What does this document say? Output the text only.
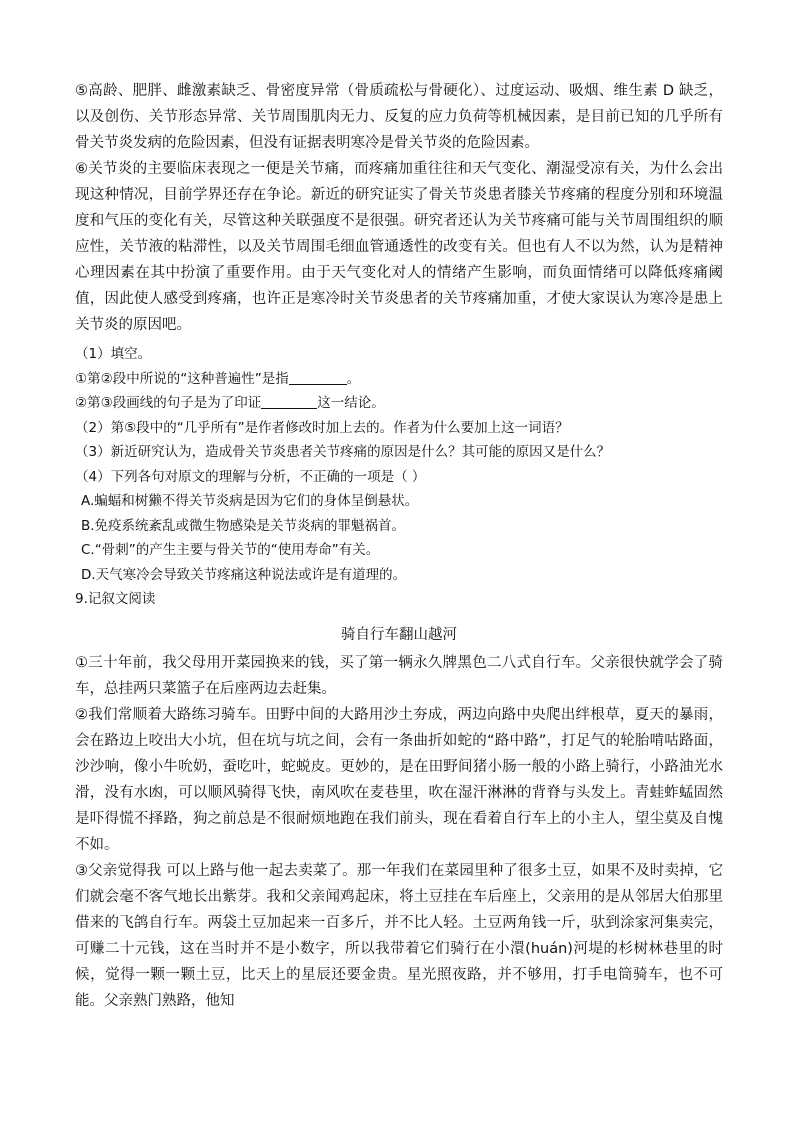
⑤高龄、肥胖、雌激素缺乏、骨密度异常（骨质疏松与骨硬化）、过度运动、吸烟、维生素 D 缺乏，以及创伤、关节形态异常、关节周围肌肉无力、反复的应力负荷等机械因素，是目前已知的几乎所有骨关节炎发病的危险因素，但没有证据表明寒冷是骨关节炎的危险因素。

⑥关节炎的主要临床表现之一便是关节痛，而疼痛加重往往和天气变化、潮湿受凉有关，为什么会出现这种情况，目前学界还存在争论。新近的研究证实了骨关节炎患者膝关节疼痛的程度分别和环境温度和气压的变化有关，尽管这种关联强度不是很强。研究者还认为关节疼痛可能与关节周围组织的顺应性，关节液的粘滞性，以及关节周围毛细血管通透性的改变有关。但也有人不以为然，认为是精神心理因素在其中扮演了重要作用。由于天气变化对人的情绪产生影响，而负面情绪可以降低疼痛阈值，因此使人感受到疼痛，也许正是寒冷时关节炎患者的关节疼痛加重，才使大家误认为寒冷是患上关节炎的原因吧。

（1）填空。

①第②段中所说的“这种普遍性”是指	。

②第③段画线的句子是为了印证	这一结论。

（2）第⑤段中的“几乎所有”是作者修改时加上去的。作者为什么要加上这一词语？

（3）新近研究认为，造成骨关节炎患者关节疼痛的原因是什么？其可能的原因又是什么？

（4）下列各句对原文的理解与分析，不正确的一项是（ ）

A.蝙蝠和树獭不得关节炎病是因为它们的身体呈倒悬状。

B.免疫系统紊乱或微生物感染是关节炎病的罪魁祸首。

C.“骨刺”的产生主要与骨关节的“使用寿命”有关。

D.天气寒冷会导致关节疼痛这种说法或许是有道理的。

9.记叙文阅读

骑自行车翻山越河

①三十年前，我父母用开菜园换来的钱，买了第一辆永久牌黑色二八式自行车。父亲很快就学会了骑车，总挂两只菜篮子在后座两边去赶集。

②我们常顺着大路练习骑车。田野中间的大路用沙土夯成，两边向路中央爬出绊根草，夏天的暴雨，会在路边上咬出大小坑，但在坑与坑之间，会有一条曲折如蛇的“路中路”，打足气的轮胎啃咕路面，沙沙响，像小牛吮奶，蚕吃叶，蛇蜕皮。更妙的，是在田野间猪小肠一般的小路上骑行，小路油光水滑，没有水凼，可以顺风骑得飞快，南风吹在麦巷里，吹在湿汗淋淋的背脊与头发上。青蛙蚱蜢固然是吓得慌不择路，狗之前总是不很耐烦地跑在我们前头，现在看着自行车上的小主人，望尘莫及自愧不如。

③父亲觉得我 可以上路与他一起去卖菜了。那一年我们在菜园里种了很多土豆，如果不及时卖掉，它们就会毫不客气地长出紫芽。我和父亲闻鸡起床，将土豆挂在车后座上，父亲用的是从邻居大伯那里借来的飞鸽自行车。两袋土豆加起来一百多斤，并不比人轻。土豆两角钱一斤，驮到涂家河集卖完，可赚二十元钱，这在当时并不是小数字，所以我带着它们骑行在小澴(huán)河堤的杉树林巷里的时候，觉得一颗一颗土豆，比天上的星辰还要金贵。星光照夜路，并不够用，打手电筒骑车，也不可能。父亲熟门熟路，他知
